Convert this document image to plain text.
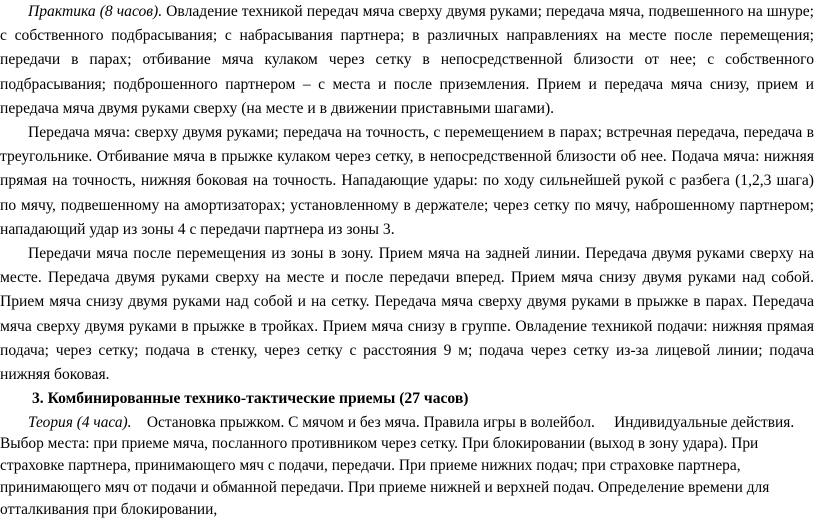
Практика (8 часов). Овладение техникой передач мяча сверху двумя руками; передача мяча, подвешенного на шнуре; с собственного подбрасывания; с набрасывания партнера; в различных направлениях на месте после перемещения; передачи в парах; отбивание мяча кулаком через сетку в непосредственной близости от нее; с собственного подбрасывания; подброшенного партнером – с места и после приземления. Прием и передача мяча снизу, прием и передача мяча двумя руками сверху (на месте и в движении приставными шагами).

Передача мяча: сверху двумя руками; передача на точность, с перемещением в парах; встречная передача, передача в треугольнике. Отбивание мяча в прыжке кулаком через сетку, в непосредственной близости об нее. Подача мяча: нижняя прямая на точность, нижняя боковая на точность. Нападающие удары: по ходу сильнейшей рукой с разбега (1,2,3 шага) по мячу, подвешенному на амортизаторах; установленному в держателе; через сетку по мячу, наброшенному партнером; нападающий удар из зоны 4 с передачи партнера из зоны 3.

Передачи мяча после перемещения из зоны в зону. Прием мяча на задней линии. Передача двумя руками сверху на месте. Передача двумя руками сверху на месте и после передачи вперед. Прием мяча снизу двумя руками над собой. Прием мяча снизу двумя руками над собой и на сетку. Передача мяча сверху двумя руками в прыжке в парах. Передача мяча сверху двумя руками в прыжке в тройках. Прием мяча снизу в группе. Овладение техникой подачи: нижняя прямая подача; через сетку; подача в стенку, через сетку с расстояния 9 м; подача через сетку из-за лицевой линии; подача нижняя боковая.

3. Комбинированные технико-тактические приемы (27 часов)

Теория (4 часа).    Остановка прыжком. С мячом и без мяча. Правила игры в волейбол.     Индивидуальные действия. Выбор места: при приеме мяча, посланного противником через сетку. При блокировании (выход в зону удара). При страховке партнера, принимающего мяч с подачи, передачи. При приеме нижних подач; при страховке партнера, принимающего мяч от подачи и обманной передачи. При приеме нижней и верхней подач. Определение времени для отталкивания при блокировании,
